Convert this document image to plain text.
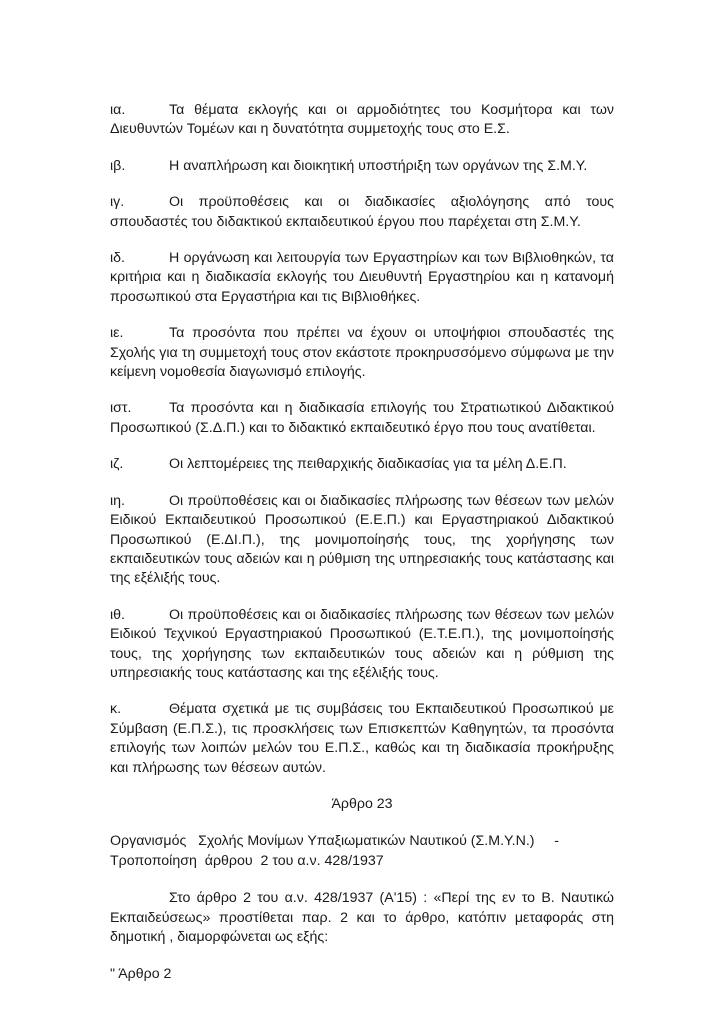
ια.	Τα θέματα εκλογής και οι αρμοδιότητες του Κοσμήτορα και των Διευθυντών Τομέων και η δυνατότητα συμμετοχής τους στο Ε.Σ.
ιβ.	Η αναπλήρωση και διοικητική υποστήριξη των οργάνων της Σ.Μ.Υ.
ιγ.	Οι προϋποθέσεις και οι διαδικασίες αξιολόγησης από τους σπουδαστές του διδακτικού εκπαιδευτικού έργου που παρέχεται στη Σ.Μ.Υ.
ιδ.	Η οργάνωση και λειτουργία των Εργαστηρίων και των Βιβλιοθηκών, τα κριτήρια και η διαδικασία εκλογής του Διευθυντή Εργαστηρίου και η κατανομή προσωπικού στα Εργαστήρια και τις Βιβλιοθήκες.
ιε.	Τα προσόντα που πρέπει να έχουν οι υποψήφιοι σπουδαστές της Σχολής για τη συμμετοχή τους στον εκάστοτε προκηρυσσόμενο σύμφωνα με την κείμενη νομοθεσία διαγωνισμό επιλογής.
ιστ.	Τα προσόντα και η διαδικασία επιλογής του Στρατιωτικού Διδακτικού Προσωπικού (Σ.Δ.Π.) και το διδακτικό εκπαιδευτικό έργο που τους ανατίθεται.
ιζ.	Οι λεπτομέρειες της πειθαρχικής διαδικασίας για τα μέλη Δ.Ε.Π.
ιη.	Οι προϋποθέσεις και οι διαδικασίες πλήρωσης των θέσεων των μελών Ειδικού Εκπαιδευτικού Προσωπικού (Ε.Ε.Π.) και Εργαστηριακού Διδακτικού Προσωπικού (Ε.ΔΙ.Π.), της μονιμοποίησής τους, της χορήγησης των εκπαιδευτικών τους αδειών και η ρύθμιση της υπηρεσιακής τους κατάστασης και της εξέλιξής τους.
ιθ.	Οι προϋποθέσεις και οι διαδικασίες πλήρωσης των θέσεων των μελών Ειδικού Τεχνικού Εργαστηριακού Προσωπικού (Ε.Τ.Ε.Π.), της μονιμοποίησής τους, της χορήγησης των εκπαιδευτικών τους αδειών και η ρύθμιση της υπηρεσιακής τους κατάστασης και της εξέλιξής τους.
κ.	Θέματα σχετικά με τις συμβάσεις του Εκπαιδευτικού Προσωπικού με Σύμβαση (Ε.Π.Σ.), τις προσκλήσεις των Επισκεπτών Καθηγητών, τα προσόντα επιλογής των λοιπών μελών του Ε.Π.Σ., καθώς και τη διαδικασία προκήρυξης και πλήρωσης των θέσεων αυτών.
Άρθρο 23
Οργανισμός   Σχολής Μονίμων Υπαξιωματικών Ναυτικού (Σ.Μ.Υ.Ν.)     -
Τροποποίηση  άρθρου  2 του α.ν. 428/1937
Στο άρθρο 2 του α.ν. 428/1937 (Α'15) : «Περί της εν το Β. Ναυτικώ Εκπαιδεύσεως» προστίθεται παρ. 2 και το άρθρο, κατόπιν μεταφοράς στη δημοτική , διαμορφώνεται ως εξής:
" Άρθρο 2
